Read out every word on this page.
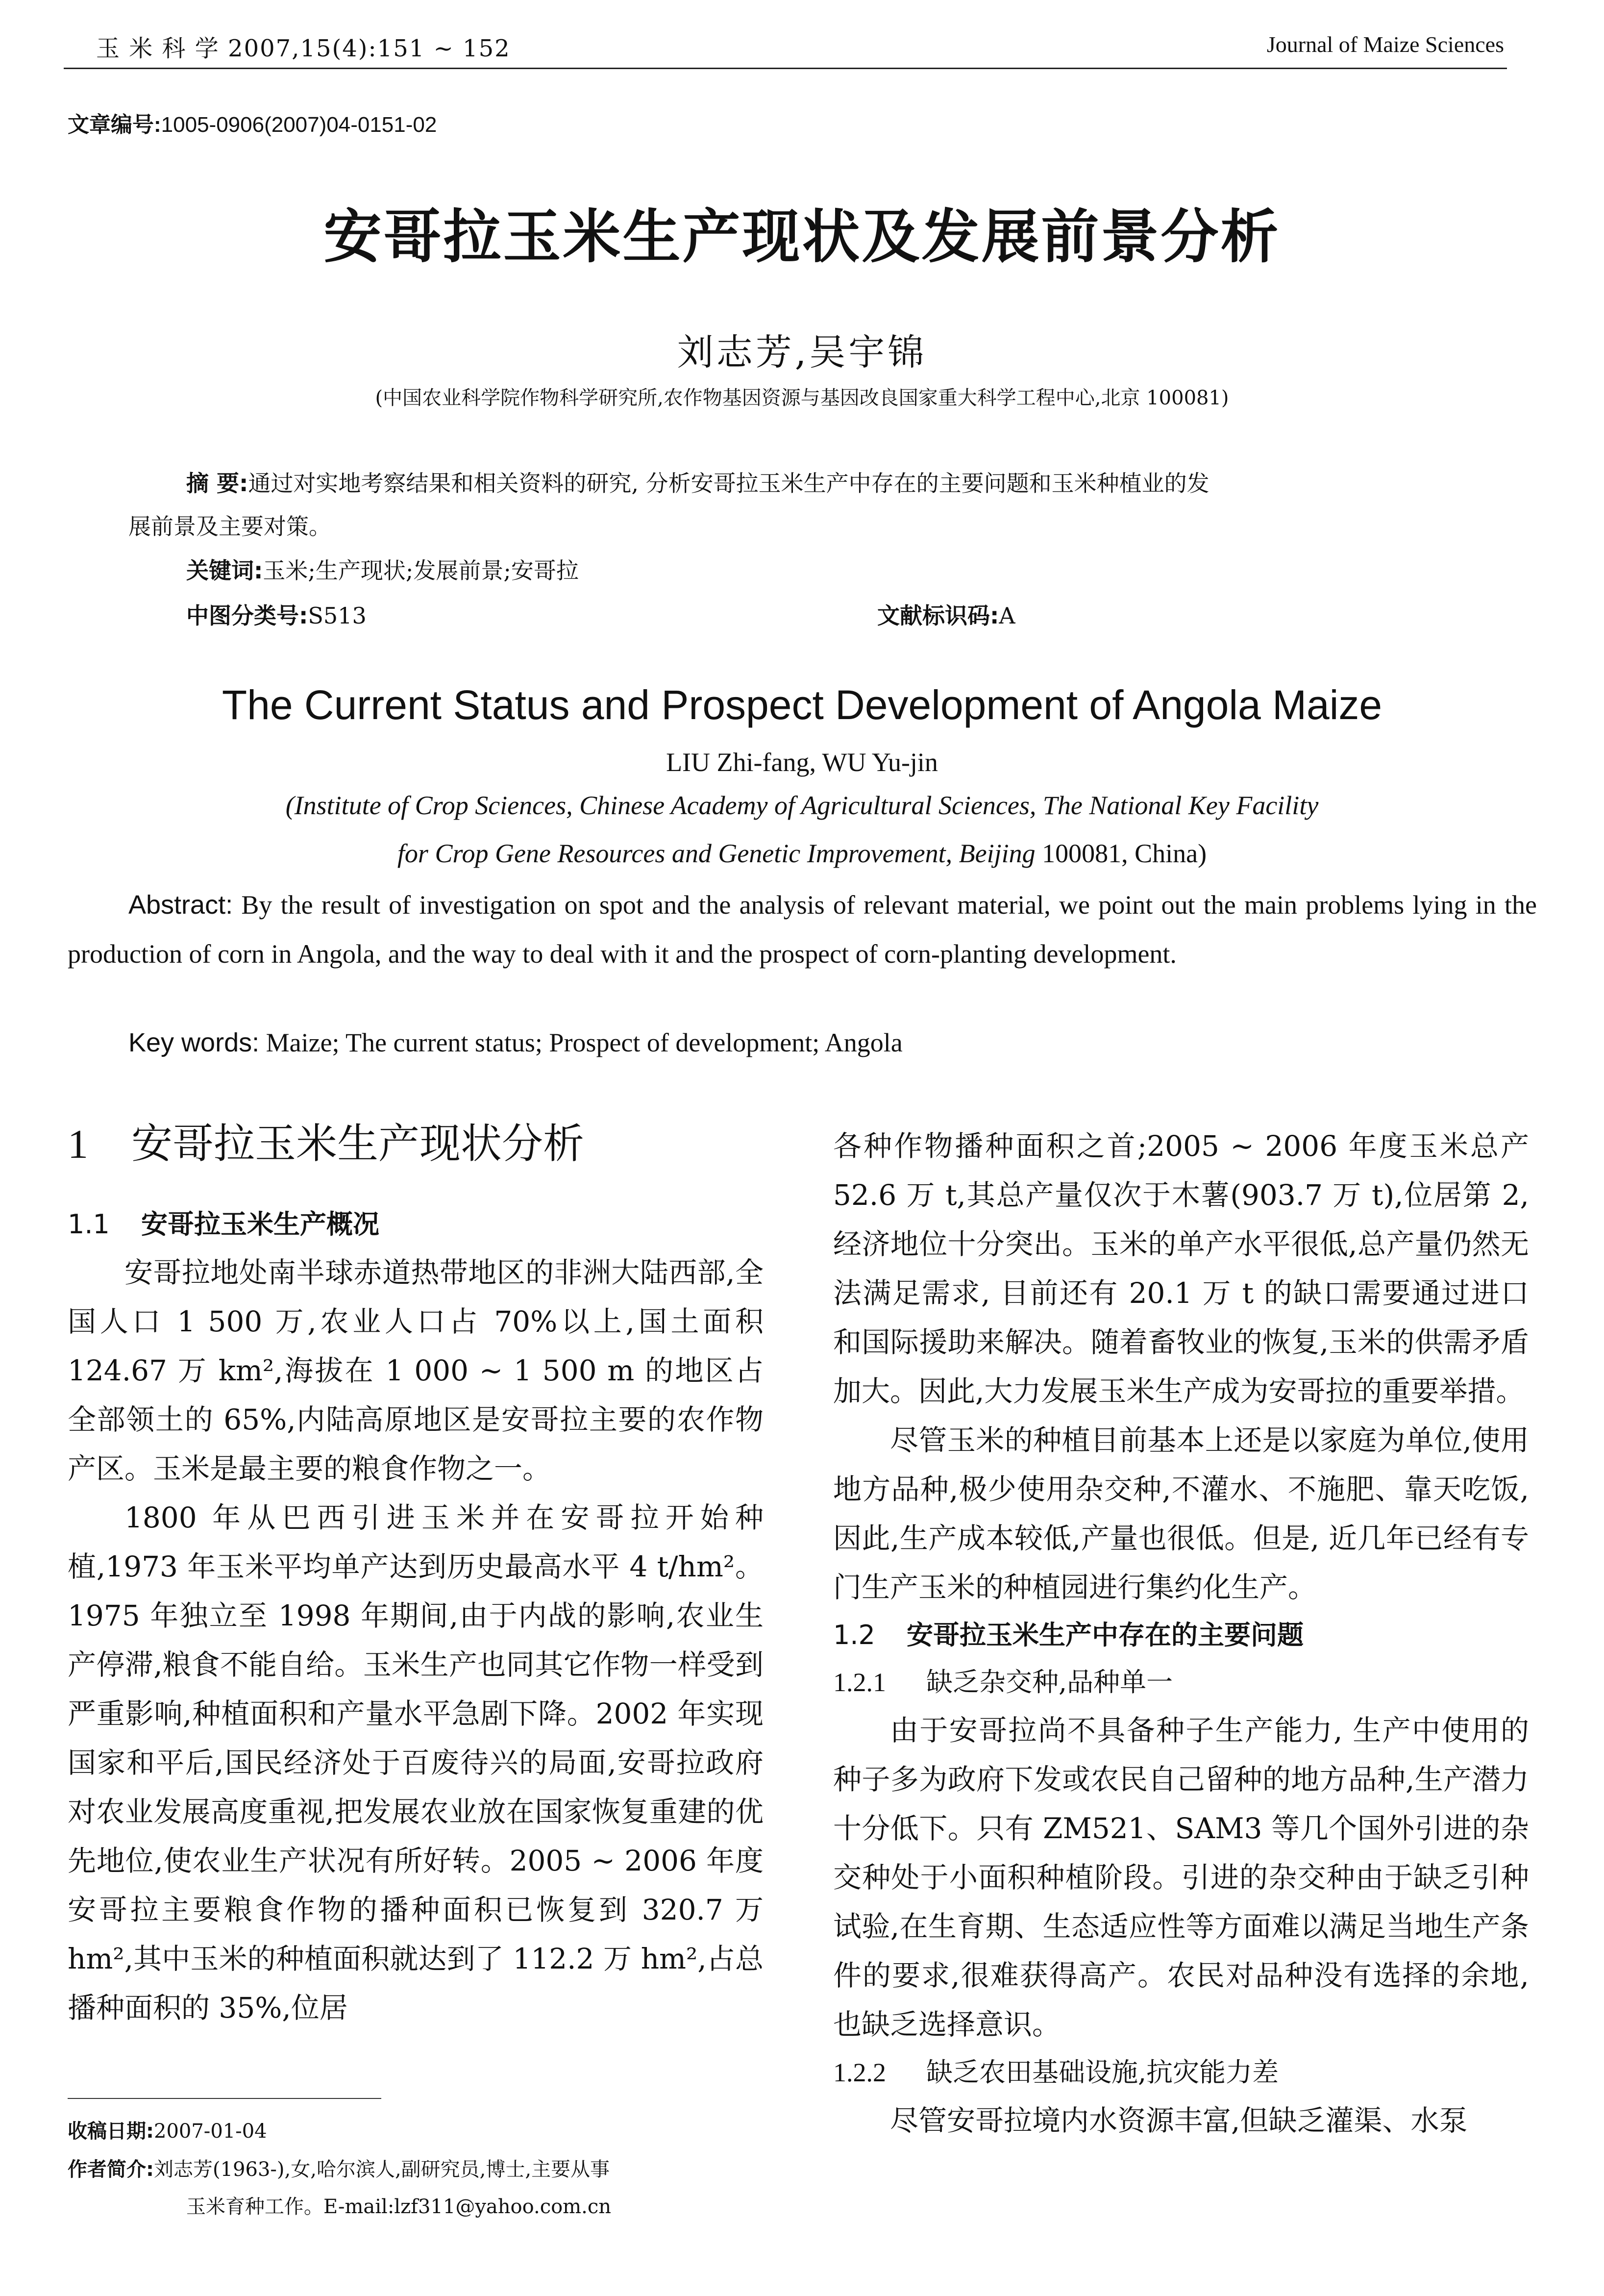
玉 米 科 学 2007,15(4):151 ~ 152	Journal of Maize Sciences
文章编号:1005-0906(2007)04-0151-02
安哥拉玉米生产现状及发展前景分析
刘志芳,吴宇锦
(中国农业科学院作物科学研究所,农作物基因资源与基因改良国家重大科学工程中心,北京 100081)
摘 要:通过对实地考察结果和相关资料的研究, 分析安哥拉玉米生产中存在的主要问题和玉米种植业的发
展前景及主要对策。
关键词:玉米;生产现状;发展前景;安哥拉
中图分类号:S513	文献标识码:A
The Current Status and Prospect Development of Angola Maize
LIU Zhi-fang, WU Yu-jin
(Institute of Crop Sciences, Chinese Academy of Agricultural Sciences, The National Key Facility
for Crop Gene Resources and Genetic Improvement, Beijing 100081, China)
Abstract: By the result of investigation on spot and the analysis of relevant material, we point out the main problems lying in the production of corn in Angola, and the way to deal with it and the prospect of corn-planting development.
Key words: Maize; The current status; Prospect of development; Angola
1 安哥拉玉米生产现状分析
1.1 安哥拉玉米生产概况

安哥拉地处南半球赤道热带地区的非洲大陆西部,全国人口 1 500 万,农业人口占 70%以上,国土面积 124.67 万 km²,海拔在 1 000 ~ 1 500 m 的地区占全部领土的 65%,内陆高原地区是安哥拉主要的农作物产区。玉米是最主要的粮食作物之一。

1800 年从巴西引进玉米并在安哥拉开始种植,1973 年玉米平均单产达到历史最高水平 4 t/hm²。1975 年独立至 1998 年期间,由于内战的影响,农业生产停滞,粮食不能自给。玉米生产也同其它作物一样受到严重影响,种植面积和产量水平急剧下降。2002 年实现国家和平后,国民经济处于百废待兴的局面,安哥拉政府对农业发展高度重视,把发展农业放在国家恢复重建的优先地位,使农业生产状况有所好转。2005 ~ 2006 年度安哥拉主要粮食作物的播种面积已恢复到 320.7 万 hm²,其中玉米的种植面积就达到了 112.2 万 hm²,占总播种面积的 35%,位居

各种作物播种面积之首;2005 ~ 2006 年度玉米总产 52.6 万 t,其总产量仅次于木薯(903.7 万 t),位居第 2,经济地位十分突出。玉米的单产水平很低,总产量仍然无法满足需求, 目前还有 20.1 万 t 的缺口需要通过进口和国际援助来解决。随着畜牧业的恢复,玉米的供需矛盾加大。因此,大力发展玉米生产成为安哥拉的重要举措。

尽管玉米的种植目前基本上还是以家庭为单位,使用地方品种,极少使用杂交种,不灌水、不施肥、靠天吃饭,因此,生产成本较低,产量也很低。但是, 近几年已经有专门生产玉米的种植园进行集约化生产。

1.2 安哥拉玉米生产中存在的主要问题
1.2.1 缺乏杂交种,品种单一

由于安哥拉尚不具备种子生产能力, 生产中使用的种子多为政府下发或农民自己留种的地方品种,生产潜力十分低下。只有 ZM521、SAM3 等几个国外引进的杂交种处于小面积种植阶段。引进的杂交种由于缺乏引种试验,在生育期、生态适应性等方面难以满足当地生产条件的要求,很难获得高产。农民对品种没有选择的余地,也缺乏选择意识。

1.2.2 缺乏农田基础设施,抗灾能力差

尽管安哥拉境内水资源丰富,但缺乏灌渠、水泵

收稿日期:2007-01-04
作者简介:刘志芳(1963-),女,哈尔滨人,副研究员,博士,主要从事
玉米育种工作。E-mail:lzf311@yahoo.com.cn
